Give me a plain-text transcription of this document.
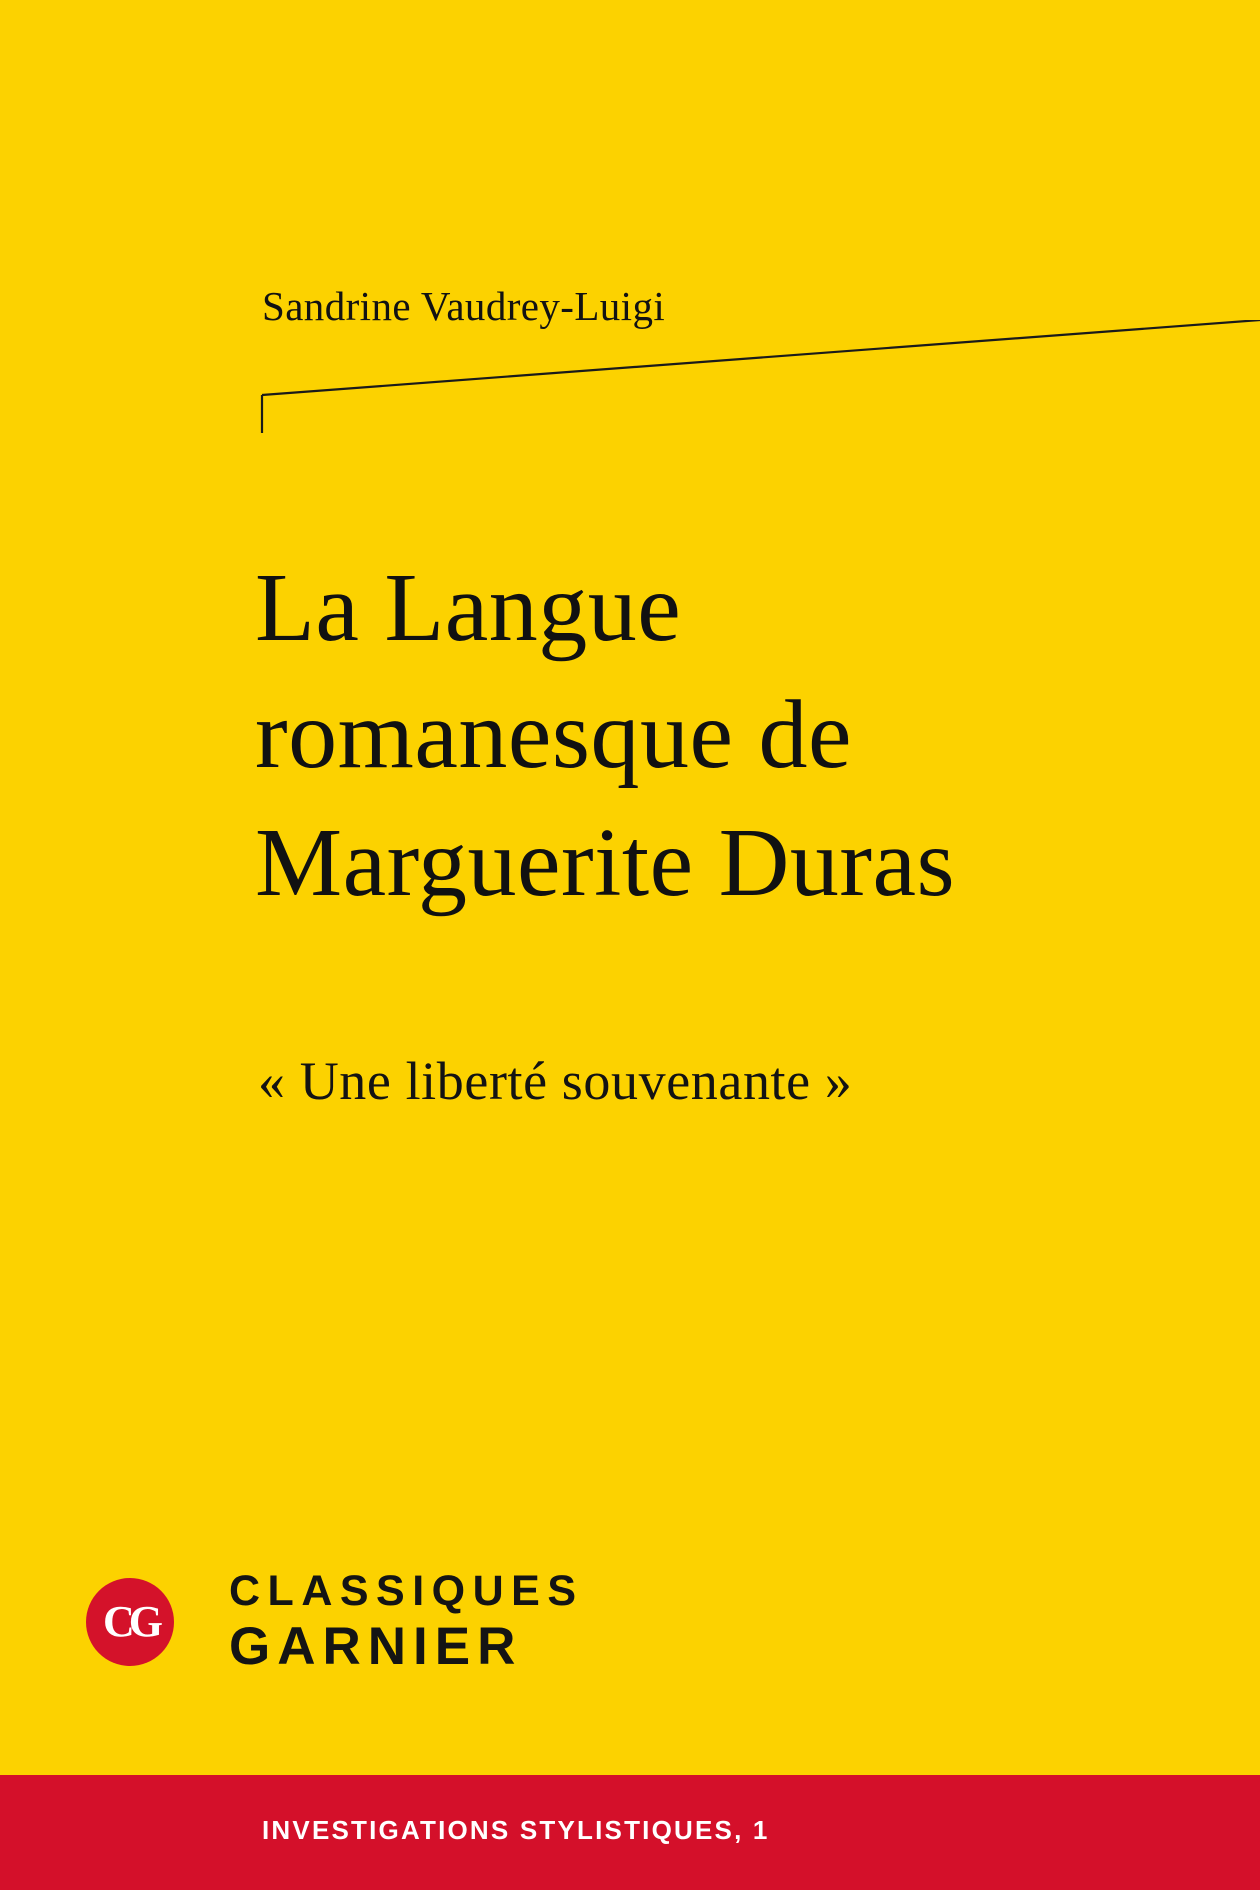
Sandrine Vaudrey-Luigi
La Langue
romanesque de
Marguerite Duras
« Une liberté souvenante »
CG
CLASSIQUES
GARNIER
INVESTIGATIONS STYLISTIQUES, 1
